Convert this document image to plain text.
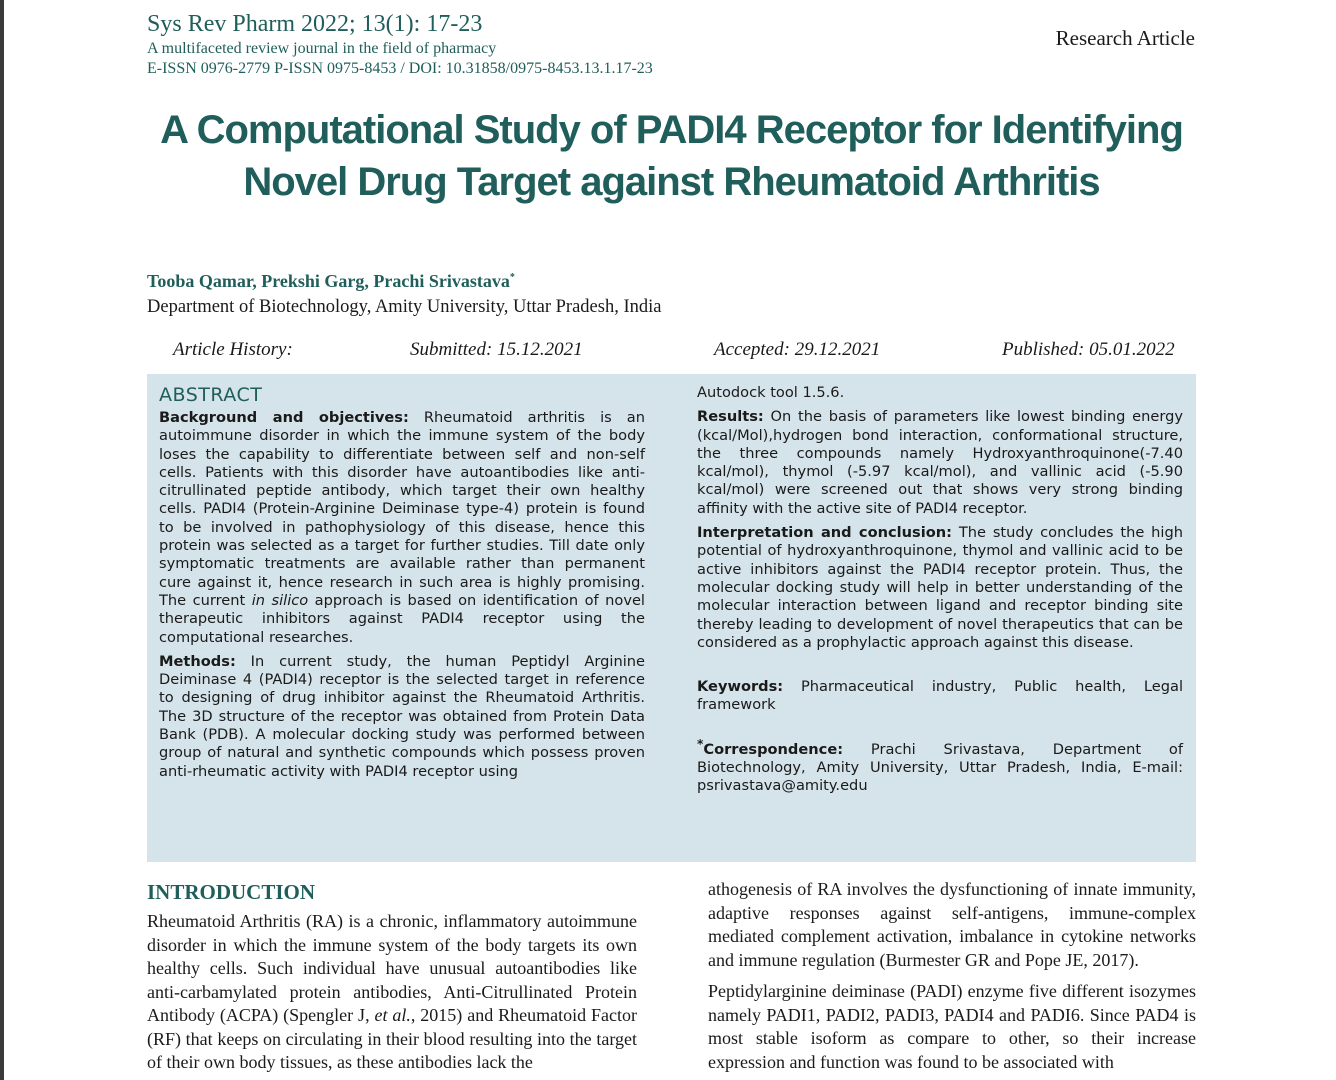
Sys Rev Pharm 2022; 13(1): 17-23
A multifaceted review journal in the field of pharmacy
E-ISSN 0976-2779 P-ISSN 0975-8453 / DOI: 10.31858/0975-8453.13.1.17-23
Research Article
A Computational Study of PADI4 Receptor for Identifying Novel Drug Target against Rheumatoid Arthritis
Tooba Qamar, Prekshi Garg, Prachi Srivastava*
Department of Biotechnology, Amity University, Uttar Pradesh, India
Article History:	Submitted: 15.12.2021	Accepted: 29.12.2021	Published: 05.01.2022
ABSTRACT

Background and objectives: Rheumatoid arthritis is an autoimmune disorder in which the immune system of the body loses the capability to differentiate between self and non-self cells. Patients with this disorder have autoantibodies like anti-citrullinated peptide antibody, which target their own healthy cells. PADI4 (Protein-Arginine Deiminase type-4) protein is found to be involved in pathophysiology of this disease, hence this protein was selected as a target for further studies. Till date only symptomatic treatments are available rather than permanent cure against it, hence research in such area is highly promising. The current in silico approach is based on identification of novel therapeutic inhibitors against PADI4 receptor using the computational researches.

Methods: In current study, the human Peptidyl Arginine Deiminase 4 (PADI4) receptor is the selected target in reference to designing of drug inhibitor against the Rheumatoid Arthritis. The 3D structure of the receptor was obtained from Protein Data Bank (PDB). A molecular docking study was performed between group of natural and synthetic compounds which possess proven anti-rheumatic activity with PADI4 receptor using

Autodock tool 1.5.6.

Results: On the basis of parameters like lowest binding energy (kcal/Mol),hydrogen bond interaction, conformational structure, the three compounds namely Hydroxyanthroquinone(-7.40 kcal/mol), thymol (-5.97 kcal/mol), and vallinic acid (-5.90 kcal/mol) were screened out that shows very strong binding affinity with the active site of PADI4 receptor.

Interpretation and conclusion: The study concludes the high potential of hydroxyanthroquinone, thymol and vallinic acid to be active inhibitors against the PADI4 receptor protein. Thus, the molecular docking study will help in better understanding of the molecular interaction between ligand and receptor binding site thereby leading to development of novel therapeutics that can be considered as a prophylactic approach against this disease.

Keywords: Pharmaceutical industry, Public health, Legal framework

*Correspondence: Prachi Srivastava, Department of Biotechnology, Amity University, Uttar Pradesh, India, E-mail: psrivastava@amity.edu

INTRODUCTION

Rheumatoid Arthritis (RA) is a chronic, inflammatory autoimmune disorder in which the immune system of the body targets its own healthy cells. Such individual have unusual autoantibodies like anti-carbamylated protein antibodies, Anti-Citrullinated Protein Antibody (ACPA) (Spengler J, et al., 2015) and Rheumatoid Factor (RF) that keeps on circulating in their blood resulting into the target of their own body tissues, as these antibodies lack the

athogenesis of RA involves the dysfunctioning of innate immunity, adaptive responses against self-antigens, immune-complex mediated complement activation, imbalance in cytokine networks and immune regulation (Burmester GR and Pope JE, 2017).

Peptidylarginine deiminase (PADI) enzyme five different isozymes namely PADI1, PADI2, PADI3, PADI4 and PADI6. Since PAD4 is most stable isoform as compare to other, so their increase expression and function was found to be associated with
